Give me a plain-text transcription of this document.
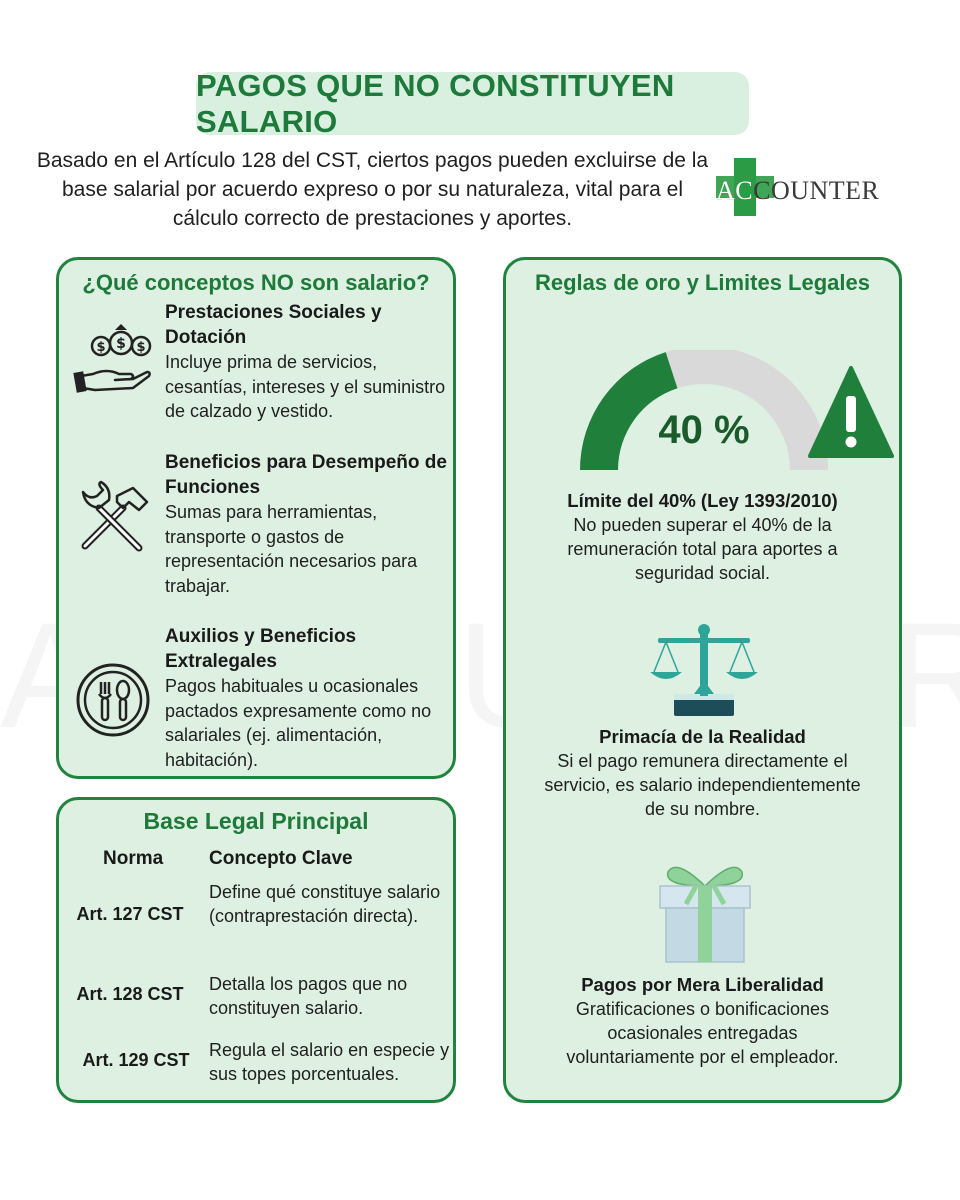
PAGOS QUE NO CONSTITUYEN SALARIO
Basado en el Artículo 128 del CST, ciertos pagos pueden excluirse de la base salarial por acuerdo expreso o por su naturaleza, vital para el cálculo correcto de prestaciones y aportes.
ACCOUNTER
¿Qué conceptos NO son salario?
$ $ $
Prestaciones Sociales y Dotación
Incluye prima de servicios, cesantías, intereses y el suministro de calzado y vestido.
Beneficios para Desempeño de Funciones
Sumas para herramientas, transporte o gastos de representación necesarios para trabajar.
Auxilios y Beneficios Extralegales
Pagos habituales u ocasionales pactados expresamente como no salariales (ej. alimentación, habitación).
Base Legal Principal
Norma Concepto Clave
Art. 127 CST
Define qué constituye salario (contraprestación directa).
Art. 128 CST	Detalla los pagos que no constituyen salario.
Art. 129 CST	Regula el salario en especie y sus topes porcentuales.
Reglas de oro y Limites Legales
40 %
Límite del 40% (Ley 1393/2010)
No pueden superar el 40% de la remuneración total para aportes a seguridad social.
Primacía de la Realidad
Si el pago remunera directamente el servicio, es salario independientemente de su nombre.
Pagos por Mera Liberalidad
Gratificaciones o bonificaciones ocasionales entregadas voluntariamente por el empleador.
